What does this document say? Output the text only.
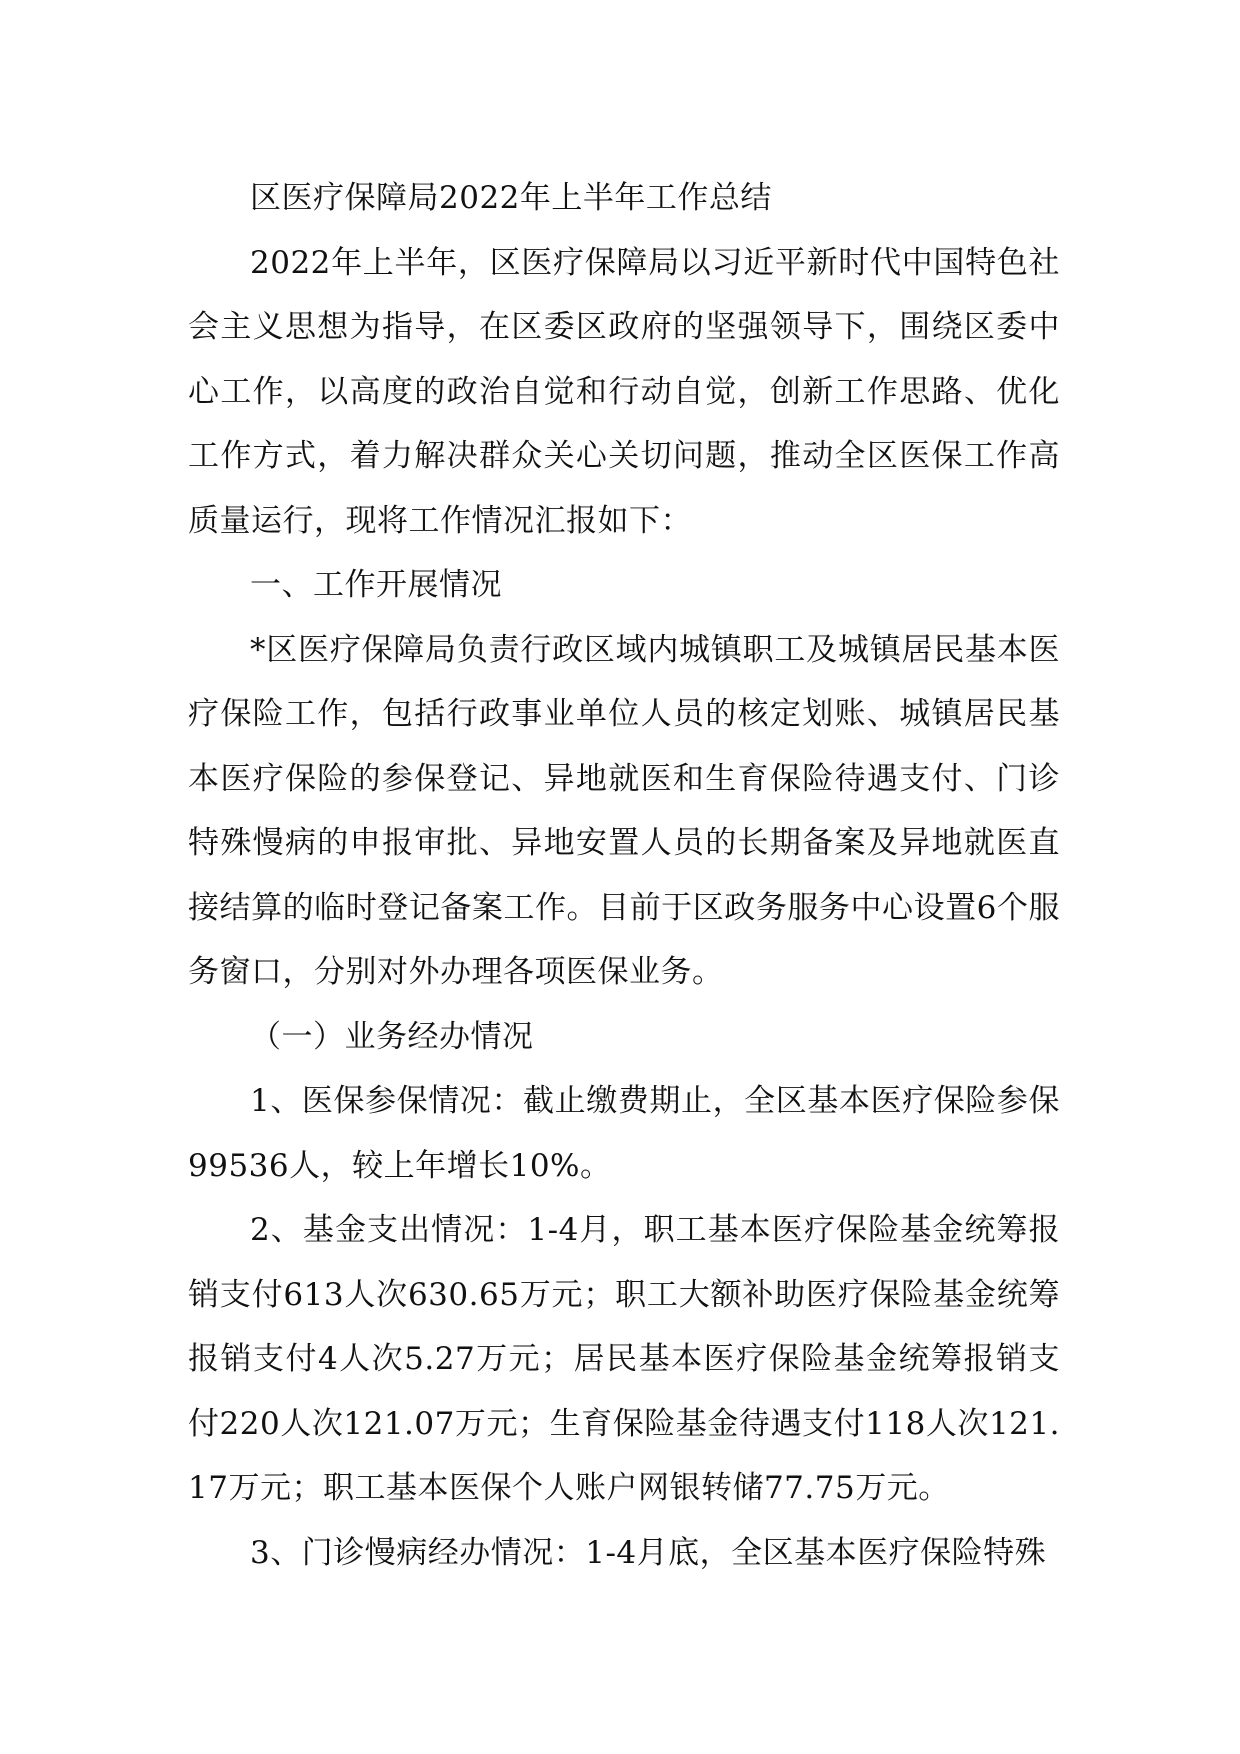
区医疗保障局2022年上半年工作总结

2022年上半年，区医疗保障局以习近平新时代中国特色社会主义思想为指导，在区委区政府的坚强领导下，围绕区委中心工作，以高度的政治自觉和行动自觉，创新工作思路、优化工作方式，着力解决群众关心关切问题，推动全区医保工作高质量运行，现将工作情况汇报如下：

一、工作开展情况

*区医疗保障局负责行政区域内城镇职工及城镇居民基本医疗保险工作，包括行政事业单位人员的核定划账、城镇居民基本医疗保险的参保登记、异地就医和生育保险待遇支付、门诊特殊慢病的申报审批、异地安置人员的长期备案及异地就医直接结算的临时登记备案工作。目前于区政务服务中心设置6个服务窗口，分别对外办理各项医保业务。

（一）业务经办情况

1、医保参保情况：截止缴费期止，全区基本医疗保险参保99536人，较上年增长10%。

2、基金支出情况：1-4月，职工基本医疗保险基金统筹报销支付613人次630.65万元；职工大额补助医疗保险基金统筹报销支付4人次5.27万元；居民基本医疗保险基金统筹报销支付220人次121.07万元；生育保险基金待遇支付118人次121.17万元；职工基本医保个人账户网银转储77.75万元。

3、门诊慢病经办情况：1-4月底，全区基本医疗保险特殊
